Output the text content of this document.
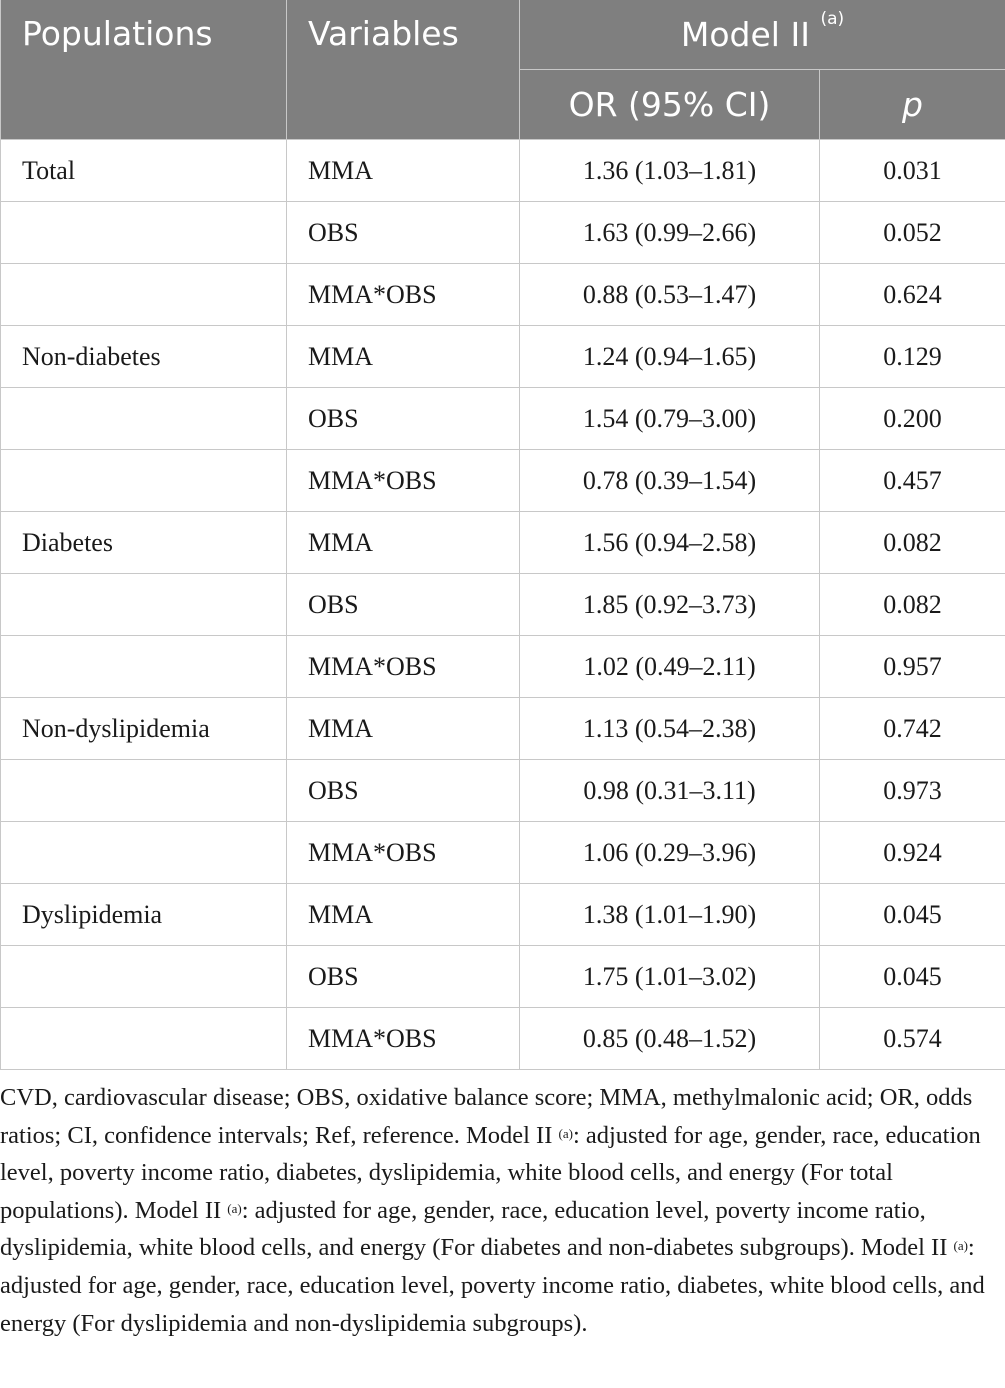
Populations	Variables	Model II $^{(a)}$
		OR (95% CI)	p
Total	MMA	1.36 (1.03–1.81)	0.031
	OBS	1.63 (0.99–2.66)	0.052
	MMA*OBS	0.88 (0.53–1.47)	0.624
Non-diabetes	MMA	1.24 (0.94–1.65)	0.129
	OBS	1.54 (0.79–3.00)	0.200
	MMA*OBS	0.78 (0.39–1.54)	0.457
Diabetes	MMA	1.56 (0.94–2.58)	0.082
	OBS	1.85 (0.92–3.73)	0.082
	MMA*OBS	1.02 (0.49–2.11)	0.957
Non-dyslipidemia	MMA	1.13 (0.54–2.38)	0.742
	OBS	0.98 (0.31–3.11)	0.973
	MMA*OBS	1.06 (0.29–3.96)	0.924
Dyslipidemia	MMA	1.38 (1.01–1.90)	0.045
	OBS	1.75 (1.01–3.02)	0.045
	MMA*OBS	0.85 (0.48–1.52)	0.574

CVD, cardiovascular disease; OBS, oxidative balance score; MMA, methylmalonic acid; OR, odds ratios; CI, confidence intervals; Ref, reference. Model II $^{(a)}$: adjusted for age, gender, race, education level, poverty income ratio, diabetes, dyslipidemia, white blood cells, and energy (For total populations). Model II $^{(a)}$: adjusted for age, gender, race, education level, poverty income ratio, dyslipidemia, white blood cells, and energy (For diabetes and non-diabetes subgroups). Model II $^{(a)}$: adjusted for age, gender, race, education level, poverty income ratio, diabetes, white blood cells, and energy (For dyslipidemia and non-dyslipidemia subgroups).
